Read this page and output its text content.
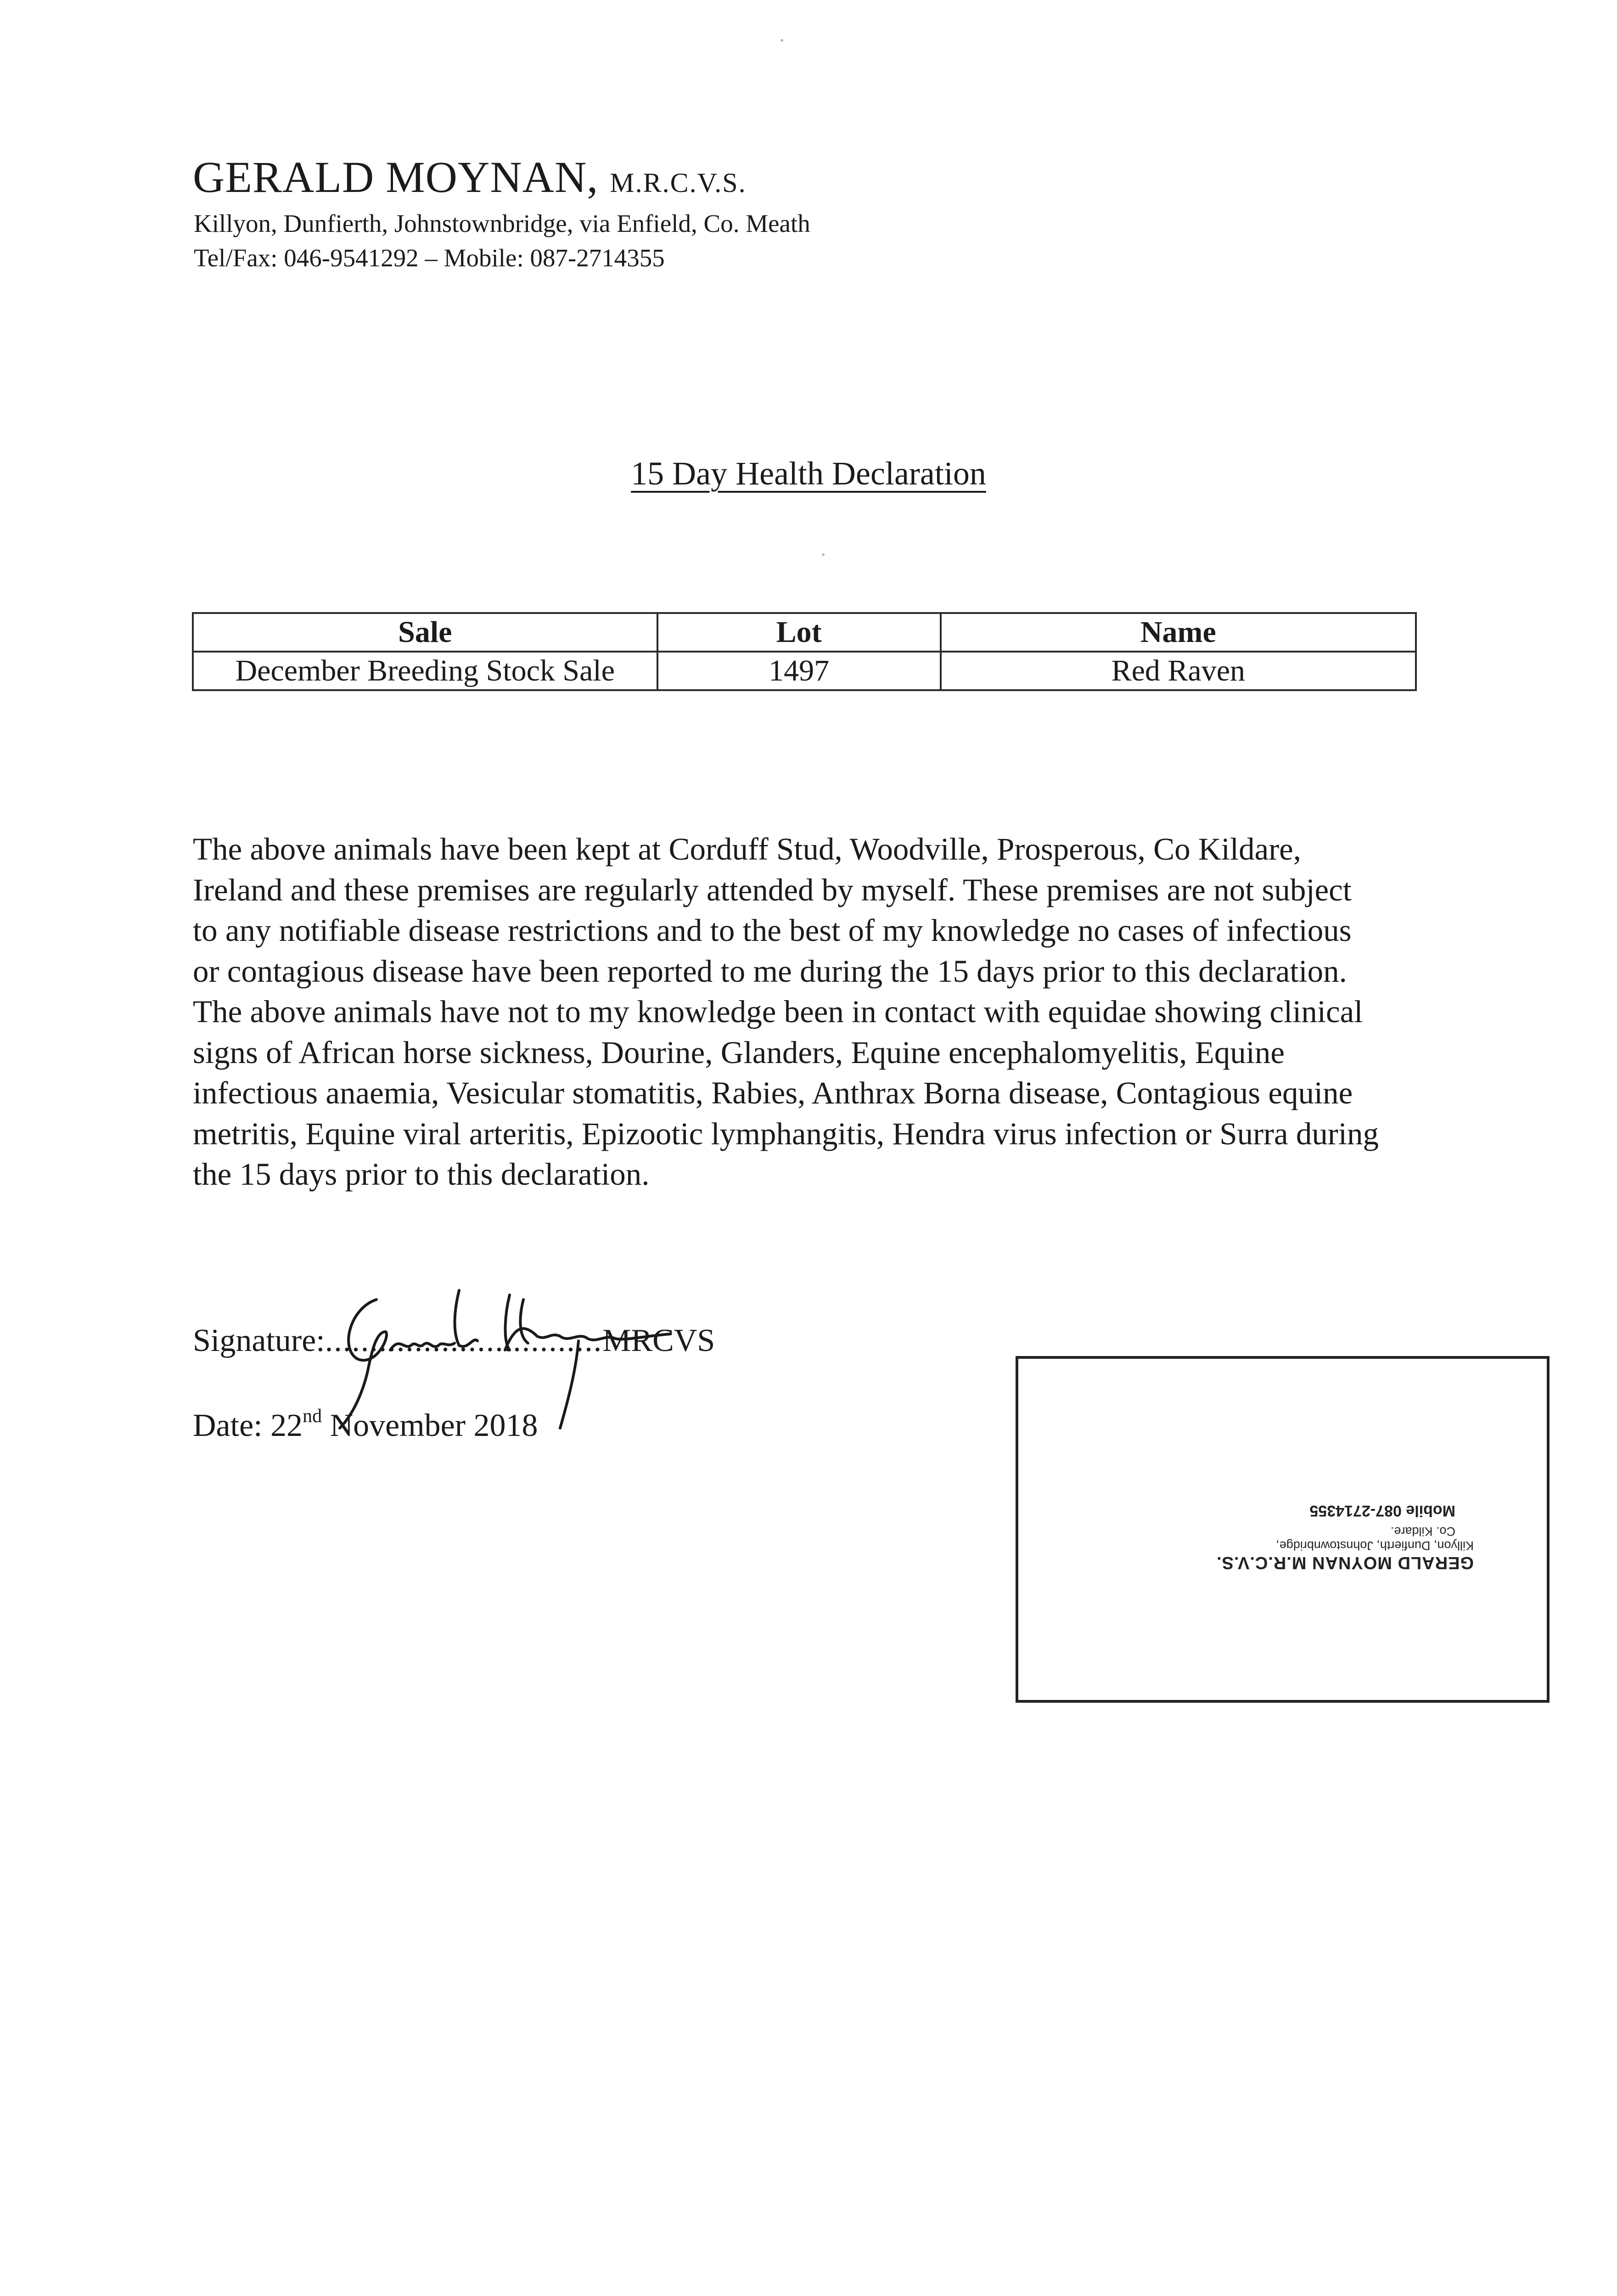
GERALD MOYNAN, M.R.C.V.S.
Killyon, Dunfierth, Johnstownbridge, via Enfield, Co. Meath
Tel/Fax: 046-9541292 – Mobile: 087-2714355
15 Day Health Declaration
Sale	Lot	Name
December Breeding Stock Sale	1497	Red Raven
The above animals have been kept at Corduff Stud, Woodville, Prosperous, Co Kildare,
Ireland and these premises are regularly attended by myself. These premises are not subject
to any notifiable disease restrictions and to the best of my knowledge no cases of infectious
or contagious disease have been reported to me during the 15 days prior to this declaration.
The above animals have not to my knowledge been in contact with equidae showing clinical
signs of African horse sickness, Dourine, Glanders, Equine encephalomyelitis, Equine
infectious anaemia, Vesicular stomatitis, Rabies, Anthrax Borna disease, Contagious equine
metritis, Equine viral arteritis, Epizootic lymphangitis, Hendra virus infection or Surra during
the 15 days prior to this declaration.
Signature:...............................MRCVS
Date: 22nd November 2018
GERALD MOYNAN M.R.C.V.S.
Killyon, Dunfierth, Johnstownbridge,
Co. Kildare.
Mobile 087-2714355
